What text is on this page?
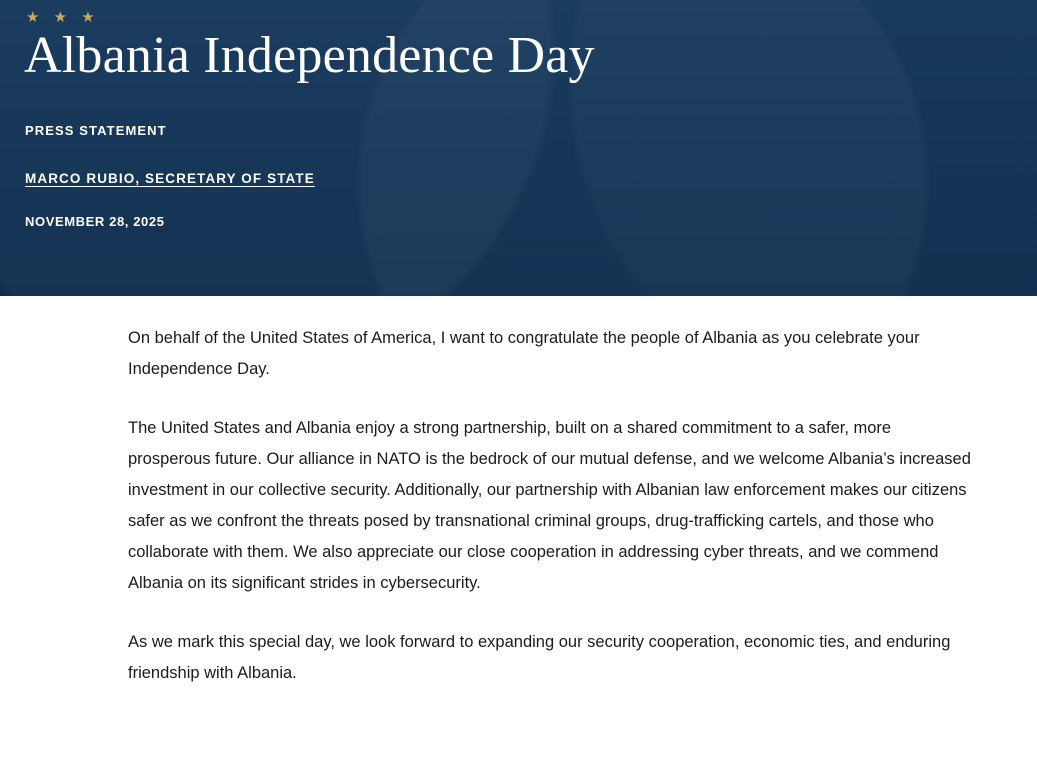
★ ★ ★
Albania Independence Day
PRESS STATEMENT
MARCO RUBIO, SECRETARY OF STATE
NOVEMBER 28, 2025

On behalf of the United States of America, I want to congratulate the people of Albania as you celebrate your Independence Day.

The United States and Albania enjoy a strong partnership, built on a shared commitment to a safer, more prosperous future. Our alliance in NATO is the bedrock of our mutual defense, and we welcome Albania’s increased investment in our collective security. Additionally, our partnership with Albanian law enforcement makes our citizens safer as we confront the threats posed by transnational criminal groups, drug-trafficking cartels, and those who collaborate with them. We also appreciate our close cooperation in addressing cyber threats, and we commend Albania on its significant strides in cybersecurity.

As we mark this special day, we look forward to expanding our security cooperation, economic ties, and enduring friendship with Albania.
